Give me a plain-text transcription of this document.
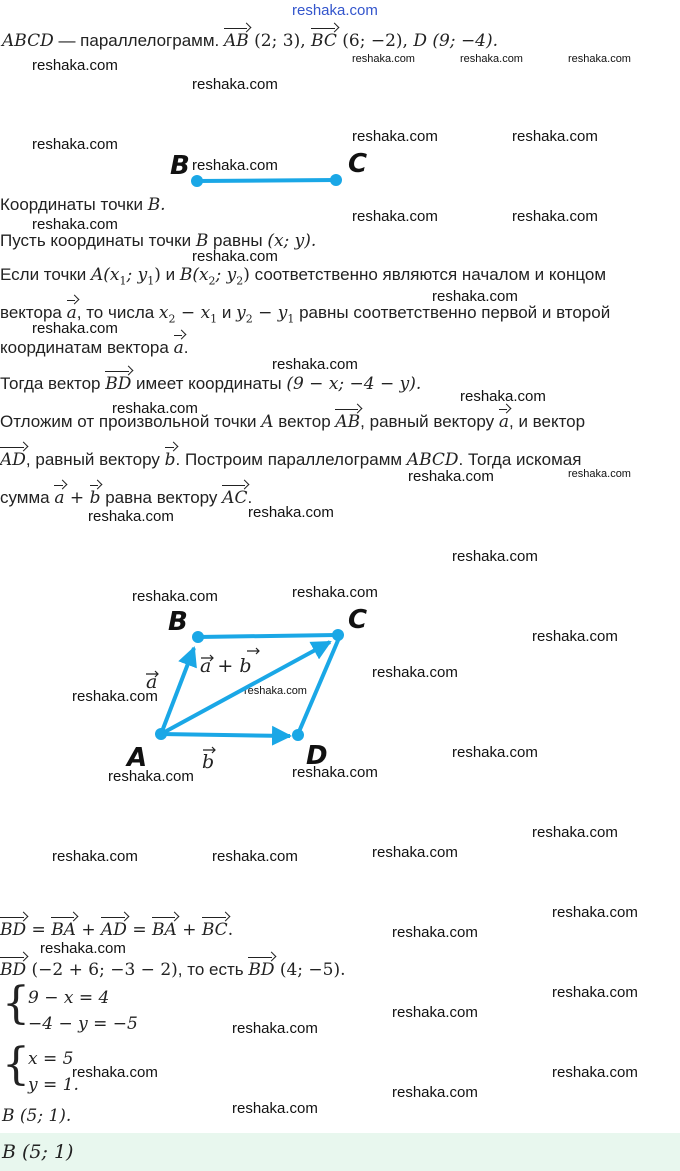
reshaka.com
reshaka.com	reshaka.com	reshaka.com	reshaka.com
reshaka.com
reshaka.com	reshaka.com	reshaka.com
reshaka.com
reshaka.com	reshaka.com
reshaka.com
reshaka.com
reshaka.com
reshaka.com
reshaka.com
reshaka.com
reshaka.com
reshaka.com	reshaka.com
reshaka.com
reshaka.com
reshaka.com
reshaka.com
reshaka.com
reshaka.com
reshaka.com
reshaka.com
reshaka.com
reshaka.com
reshaka.com
reshaka.com
reshaka.com
reshaka.com
reshaka.com	reshaka.com
reshaka.com
reshaka.com
reshaka.com
reshaka.com
reshaka.com
reshaka.com
reshaka.com	reshaka.com
reshaka.com
reshaka.com
ABCD — параллелограмм. AB (2; 3), BC (6; −2), D (9; −4).
B	C
Координаты точки B.
Пусть координаты точки B равны (x; y).
Если точки $A(x_1$; $y_1$) и $B(x_2$; $y_2$) соответственно являются началом и концом
вектора a, то числа $x_2 - x_1$ и $y_2 - y_1$ равны соответственно первой и второй
координатам вектора a.
Тогда вектор BD имеет координаты (9 − x; −4 − y).
Отложим от произвольной точки A вектор AB, равный вектору a, и вектор
AD, равный вектору b. Построим параллелограмм ABCD. Тогда искомая
сумма a + b равна вектору AC.
A
B	C
D
a
b
a + b
BD = BA + AD = BA + BC.
BD (−2 + 6; −3 − 2), то есть BD (4; −5).
{
9 − x = 4
−4 − y = −5
{
x = 5
y = 1.
B (5; 1).
B (5; 1)
